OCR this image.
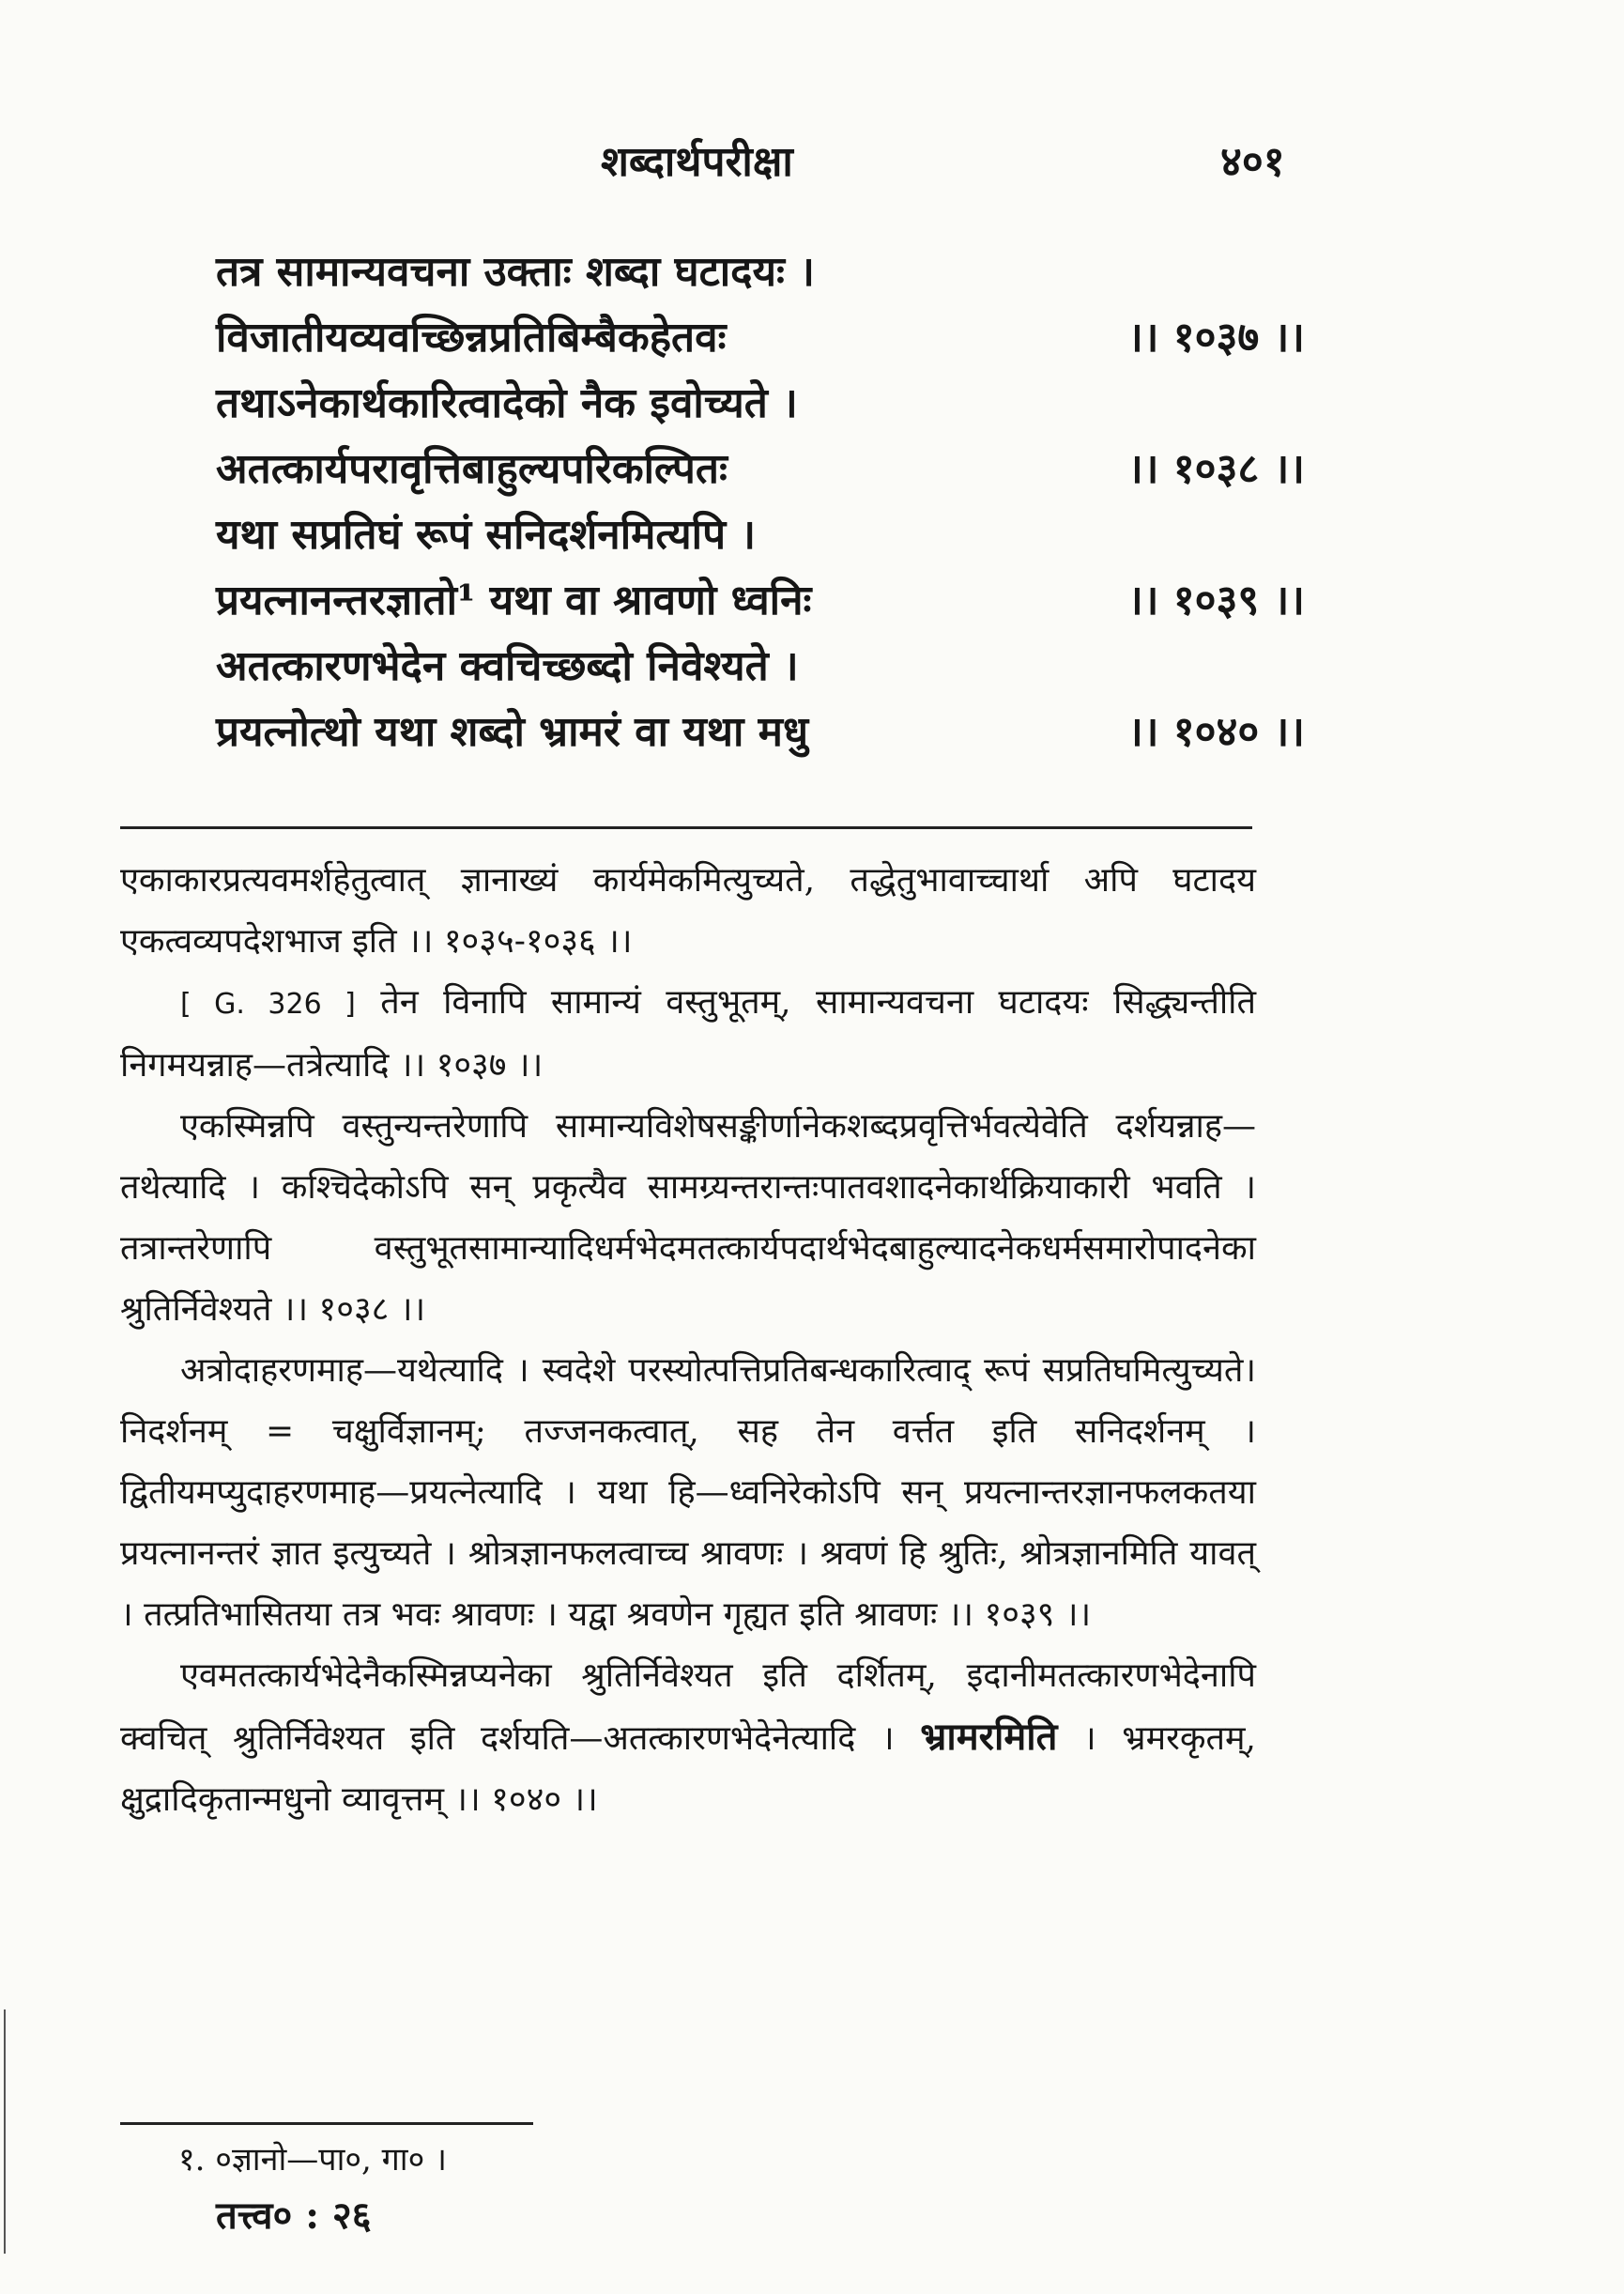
शब्दार्थपरीक्षा	४०१
तत्र सामान्यवचना उक्ताः शब्दा घटादयः ।
विजातीयव्यवच्छिन्नप्रतिबिम्बैकहेतवः	।। १०३७ ।।
तथाऽनेकार्थकारित्वादेको नैक इवोच्यते ।
अतत्कार्यपरावृत्तिबाहुल्यपरिकल्पितः	।। १०३८ ।।
यथा सप्रतिघं रूपं सनिदर्शनमित्यपि ।
प्रयत्नानन्तरज्ञातो¹ यथा वा श्रावणो ध्वनिः	।। १०३९ ।।
अतत्कारणभेदेन क्वचिच्छब्दो निवेश्यते ।
प्रयत्नोत्थो यथा शब्दो भ्रामरं वा यथा मधु	।। १०४० ।।

एकाकारप्रत्यवमर्शहेतुत्वात् ज्ञानाख्यं कार्यमेकमित्युच्यते, तद्धेतुभावाच्चार्था अपि घटादय एकत्वव्यपदेशभाज इति ।। १०३५-१०३६ ।।

[ G. 326 ] तेन विनापि सामान्यं वस्तुभूतम्, सामान्यवचना घटादयः सिद्ध्यन्तीति निगमयन्नाह—तत्रेत्यादि ।। १०३७ ।।

एकस्मिन्नपि वस्तुन्यन्तरेणापि सामान्यविशेषसङ्कीर्णानेकशब्दप्रवृत्तिर्भवत्येवेति दर्शयन्नाह—तथेत्यादि । कश्चिदेकोऽपि सन् प्रकृत्यैव सामग्र्यन्तरान्तःपातवशादनेकार्थक्रियाकारी भवति । तत्रान्तरेणापि वस्तुभूतसामान्यादिधर्मभेदमतत्कार्यपदार्थभेदबाहुल्यादनेकधर्मसमारोपादनेका श्रुतिर्निवेश्यते ।। १०३८ ।।

अत्रोदाहरणमाह—यथेत्यादि । स्वदेशे परस्योत्पत्तिप्रतिबन्धकारित्वाद् रूपं सप्रतिघमित्युच्यते। निदर्शनम् = चक्षुर्विज्ञानम्; तज्जनकत्वात्, सह तेन वर्त्तत इति सनिदर्शनम् । द्वितीयमप्युदाहरणमाह—प्रयत्नेत्यादि । यथा हि—ध्वनिरेकोऽपि सन् प्रयत्नान्तरज्ञानफलकतया प्रयत्नानन्तरं ज्ञात इत्युच्यते । श्रोत्रज्ञानफलत्वाच्च श्रावणः । श्रवणं हि श्रुतिः, श्रोत्रज्ञानमिति यावत् । तत्प्रतिभासितया तत्र भवः श्रावणः । यद्वा श्रवणेन गृह्यत इति श्रावणः ।। १०३९ ।।

एवमतत्कार्यभेदेनैकस्मिन्नप्यनेका श्रुतिर्निवेश्यत इति दर्शितम्, इदानीमतत्कारणभेदेनापि क्वचित् श्रुतिर्निवेश्यत इति दर्शयति—अतत्कारणभेदेनेत्यादि । भ्रामरमिति । भ्रमरकृतम्, क्षुद्रादिकृतान्मधुनो व्यावृत्तम् ।। १०४० ।।

१. ०ज्ञानो—पा०, गा० ।
तत्त्व० : २६
